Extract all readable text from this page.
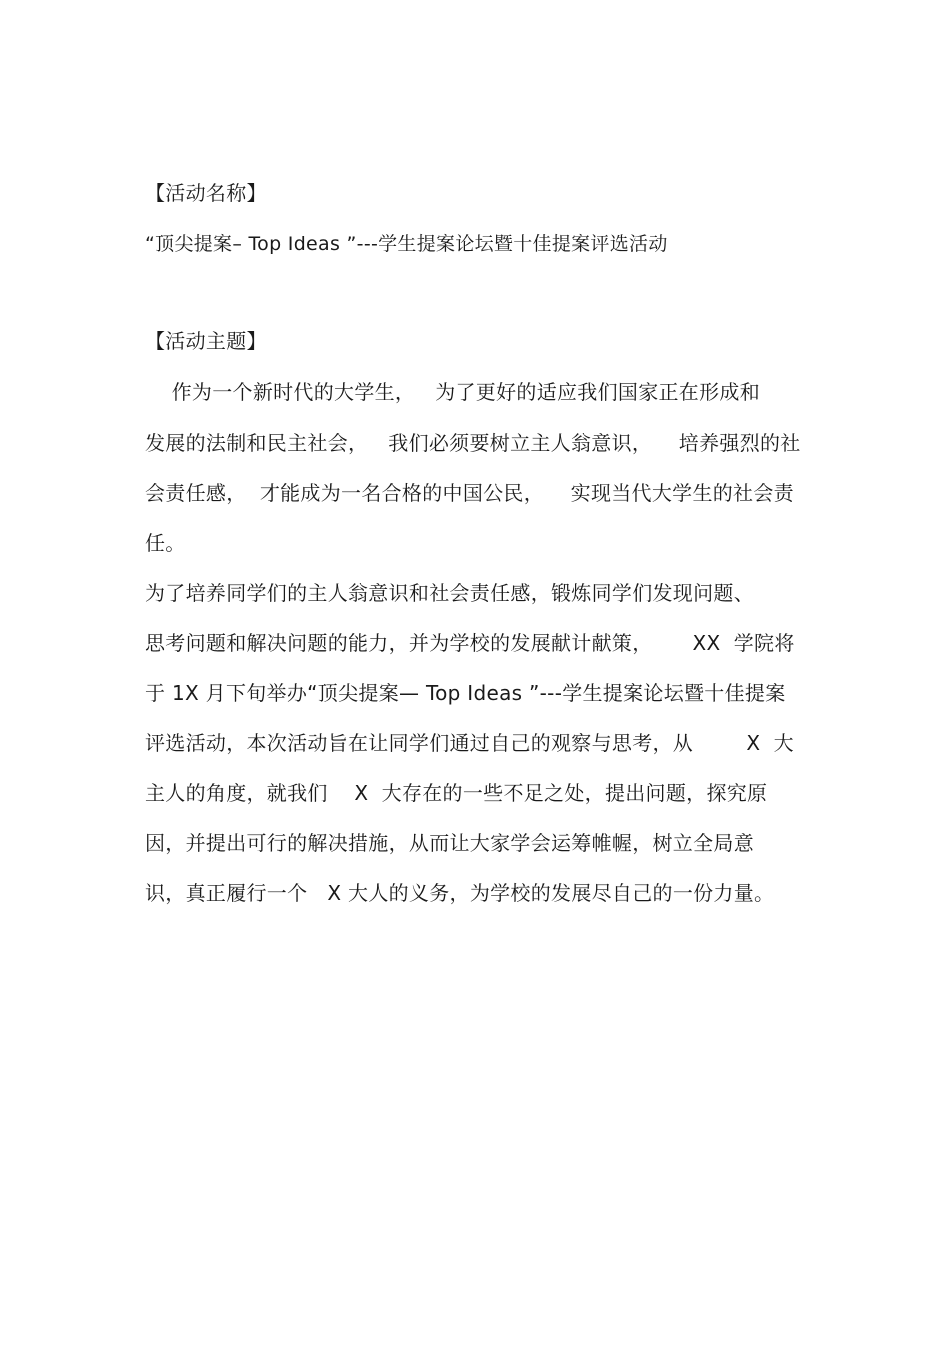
【活动名称】
“顶尖提案– Top Ideas ”---学生提案论坛暨十佳提案评选活动
【活动主题】
作为一个新时代的大学生，   为了更好的适应我们国家正在形成和
发展的法制和民主社会，   我们必须要树立主人翁意识，    培养强烈的社
会责任感，  才能成为一名合格的中国公民，    实现当代大学生的社会责
任。
为了培养同学们的主人翁意识和社会责任感，锻炼同学们发现问题、
思考问题和解决问题的能力，并为学校的发展献计献策，      XX  学院将
于 1X 月下旬举办“顶尖提案— Top Ideas ”---学生提案论坛暨十佳提案
评选活动，本次活动旨在让同学们通过自己的观察与思考，从        X  大
主人的角度，就我们    X  大存在的一些不足之处，提出问题，探究原
因，并提出可行的解决措施，从而让大家学会运筹帷幄，树立全局意
识，真正履行一个   X 大人的义务，为学校的发展尽自己的一份力量。
